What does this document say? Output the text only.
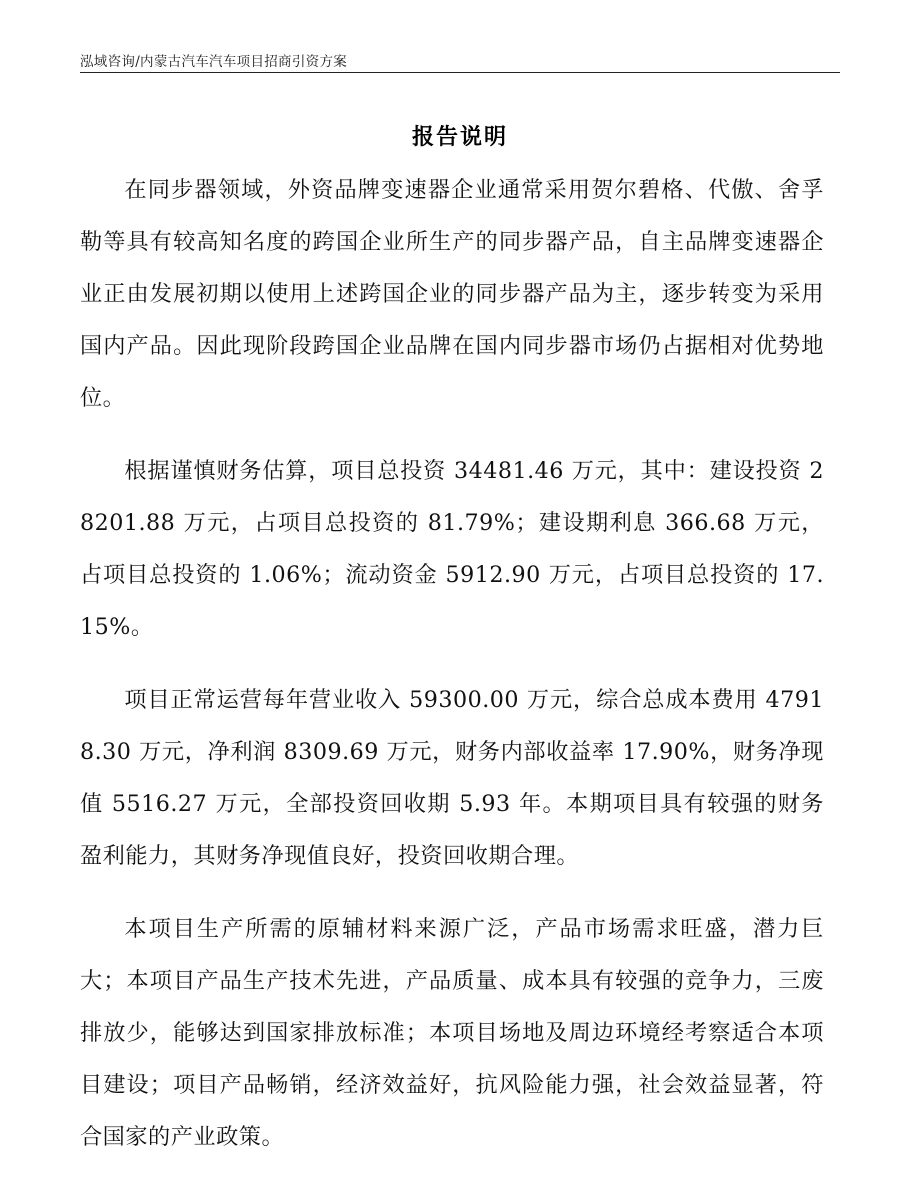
泓域咨询/内蒙古汽车汽车项目招商引资方案
报告说明

在同步器领域，外资品牌变速器企业通常采用贺尔碧格、代傲、舍孚勒等具有较高知名度的跨国企业所生产的同步器产品，自主品牌变速器企业正由发展初期以使用上述跨国企业的同步器产品为主，逐步转变为采用国内产品。因此现阶段跨国企业品牌在国内同步器市场仍占据相对优势地位。

根据谨慎财务估算，项目总投资 34481.46 万元，其中：建设投资 28201.88 万元，占项目总投资的 81.79%；建设期利息 366.68 万元，占项目总投资的 1.06%；流动资金 5912.90 万元，占项目总投资的 17.15%。

项目正常运营每年营业收入 59300.00 万元，综合总成本费用 47918.30 万元，净利润 8309.69 万元，财务内部收益率 17.90%，财务净现值 5516.27 万元，全部投资回收期 5.93 年。本期项目具有较强的财务盈利能力，其财务净现值良好，投资回收期合理。

本项目生产所需的原辅材料来源广泛，产品市场需求旺盛，潜力巨大；本项目产品生产技术先进，产品质量、成本具有较强的竞争力，三废排放少，能够达到国家排放标准；本项目场地及周边环境经考察适合本项目建设；项目产品畅销，经济效益好，抗风险能力强，社会效益显著，符合国家的产业政策。
